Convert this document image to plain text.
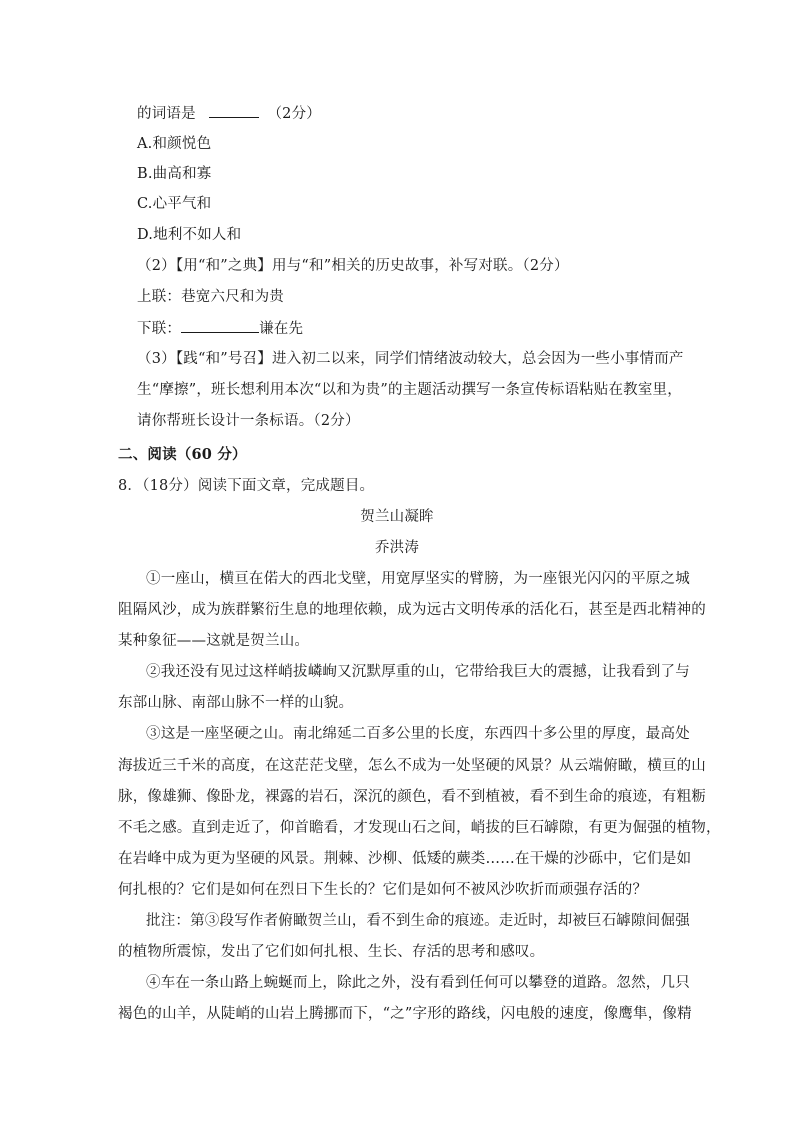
的词语是	（2分）
A.和颜悦色
B.曲高和寡
C.心平气和
D.地利不如人和
（2）【用“和”之典】用与“和”相关的历史故事，补写对联。（2分）
上联：巷宽六尺和为贵
下联：	谦在先
（3）【践“和”号召】进入初二以来，同学们情绪波动较大，总会因为一些小事情而产
生“摩擦”，班长想利用本次“以和为贵”的主题活动撰写一条宣传标语粘贴在教室里，
请你帮班长设计一条标语。（2分）
二、阅读（60 分）
8．（18分）阅读下面文章，完成题目。
贺兰山凝眸
乔洪涛
①一座山，横亘在偌大的西北戈壁，用宽厚坚实的臂膀，为一座银光闪闪的平原之城
阻隔风沙，成为族群繁衍生息的地理依赖，成为远古文明传承的活化石，甚至是西北精神的
某种象征——这就是贺兰山。
②我还没有见过这样峭拔嶙峋又沉默厚重的山，它带给我巨大的震撼，让我看到了与
东部山脉、南部山脉不一样的山貌。
③这是一座坚硬之山。南北绵延二百多公里的长度，东西四十多公里的厚度，最高处
海拔近三千米的高度，在这茫茫戈壁，怎么不成为一处坚硬的风景？从云端俯瞰，横亘的山
脉，像雄狮、像卧龙，裸露的岩石，深沉的颜色，看不到植被，看不到生命的痕迹，有粗粝
不毛之感。直到走近了，仰首瞻看，才发现山石之间，峭拔的巨石罅隙，有更为倔强的植物，
在岩峰中成为更为坚硬的风景。荆棘、沙柳、低矮的蕨类……在干燥的沙砾中，它们是如
何扎根的？它们是如何在烈日下生长的？它们是如何不被风沙吹折而顽强存活的？
批注：第③段写作者俯瞰贺兰山，看不到生命的痕迹。走近时，却被巨石罅隙间倔强
的植物所震惊，发出了它们如何扎根、生长、存活的思考和感叹。
④车在一条山路上蜿蜒而上，除此之外，没有看到任何可以攀登的道路。忽然，几只
褐色的山羊，从陡峭的山岩上腾挪而下，“之”字形的路线，闪电般的速度，像鹰隼，像精
